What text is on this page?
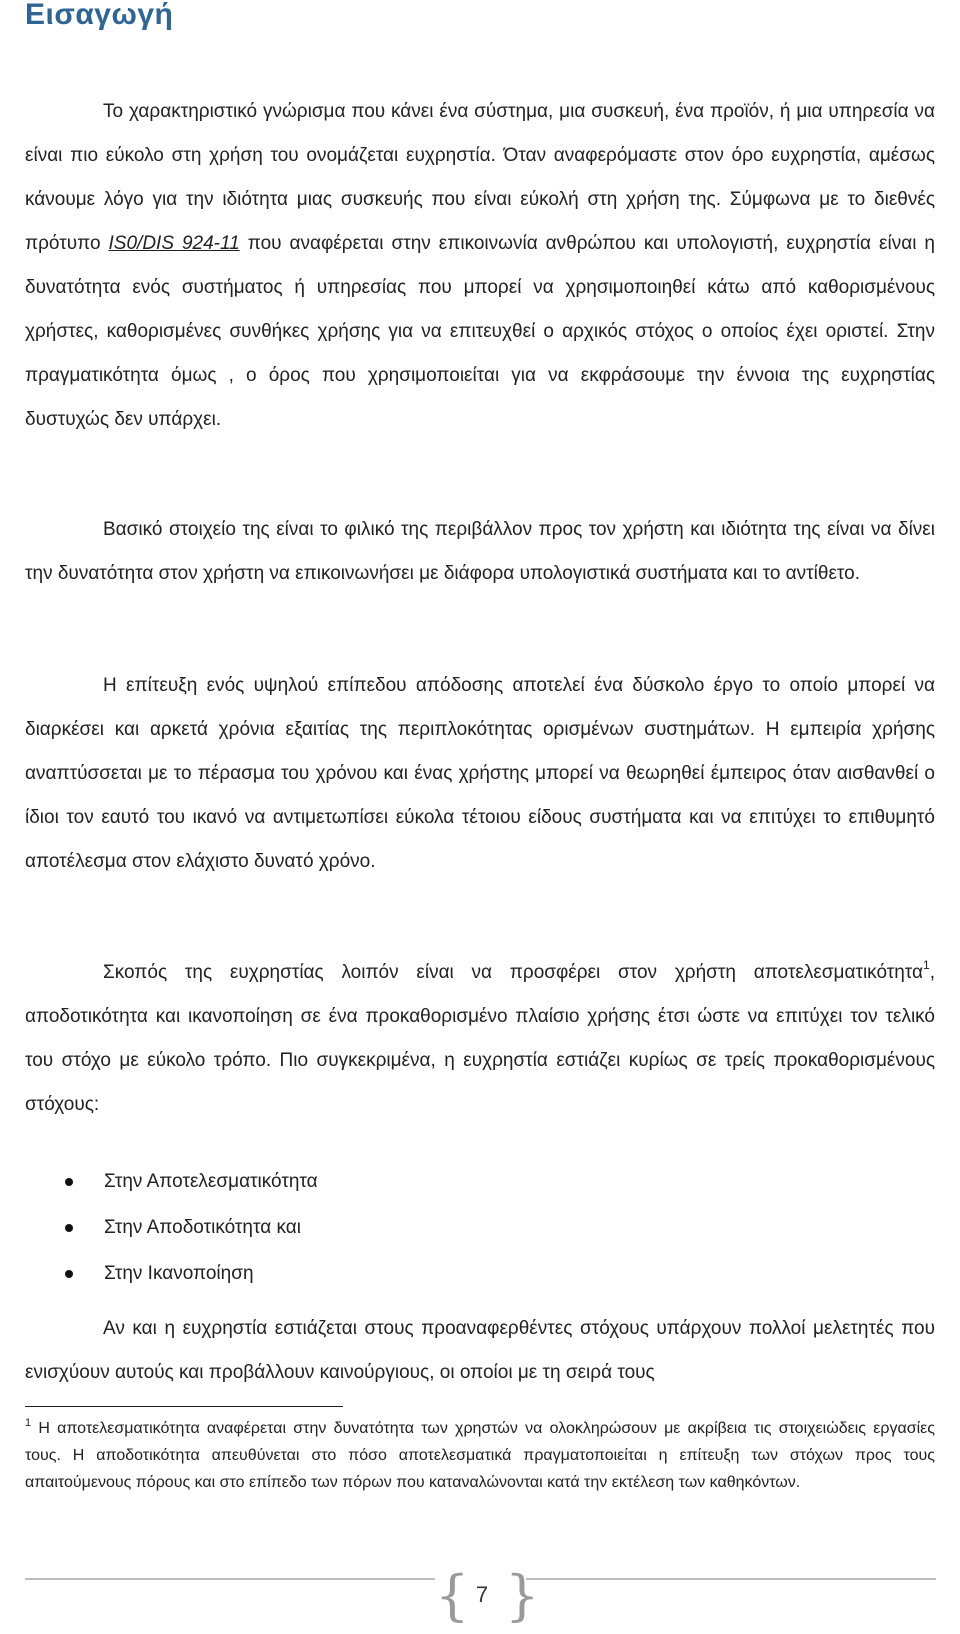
Εισαγωγή

Το χαρακτηριστικό γνώρισμα που κάνει ένα σύστημα, μια συσκευή, ένα προϊόν, ή μια υπηρεσία να είναι πιο εύκολο στη χρήση του ονομάζεται ευχρηστία. Όταν αναφερόμαστε στον όρο ευχρηστία, αμέσως κάνουμε λόγο για την ιδιότητα μιας συσκευής που είναι εύκολή στη χρήση της. Σύμφωνα με το διεθνές πρότυπο IS0/DIS 924-11 που αναφέρεται στην επικοινωνία ανθρώπου και υπολογιστή, ευχρηστία είναι η δυνατότητα ενός συστήματος ή υπηρεσίας που μπορεί να χρησιμοποιηθεί κάτω από καθορισμένους χρήστες, καθορισμένες συνθήκες χρήσης για να επιτευχθεί ο αρχικός στόχος ο οποίος έχει οριστεί. Στην πραγματικότητα όμως , ο όρος που χρησιμοποιείται για να εκφράσουμε την έννοια της ευχρηστίας δυστυχώς δεν υπάρχει.

Βασικό στοιχείο της είναι το φιλικό της περιβάλλον προς τον χρήστη και ιδιότητα της είναι να δίνει την δυνατότητα στον χρήστη να επικοινωνήσει με διάφορα υπολογιστικά συστήματα και το αντίθετο.

Η επίτευξη ενός υψηλού επίπεδου απόδοσης αποτελεί ένα δύσκολο έργο το οποίο μπορεί να διαρκέσει και αρκετά χρόνια εξαιτίας της περιπλοκότητας ορισμένων συστημάτων. Η εμπειρία χρήσης αναπτύσσεται με το πέρασμα του χρόνου και ένας χρήστης μπορεί να θεωρηθεί έμπειρος όταν αισθανθεί ο ίδιοι τον εαυτό του ικανό να αντιμετωπίσει εύκολα τέτοιου είδους συστήματα και να επιτύχει το επιθυμητό αποτέλεσμα στον ελάχιστο δυνατό χρόνο.

Σκοπός της ευχρηστίας λοιπόν είναι να προσφέρει στον χρήστη αποτελεσματικότητα$^1$, αποδοτικότητα και ικανοποίηση σε ένα προκαθορισμένο πλαίσιο χρήσης έτσι ώστε να επιτύχει τον τελικό του στόχο με εύκολο τρόπο. Πιο συγκεκριμένα, η ευχρηστία εστιάζει κυρίως σε τρείς προκαθορισμένους στόχους:

Στην Αποτελεσματικότητα
Στην Αποδοτικότητα και
Στην Ικανοποίηση

Αν και η ευχρηστία εστιάζεται στους προαναφερθέντες στόχους υπάρχουν πολλοί μελετητές που ενισχύουν αυτούς και προβάλλουν καινούργιους, οι οποίοι με τη σειρά τους

$^1$ Η αποτελεσματικότητα αναφέρεται στην δυνατότητα των χρηστών να ολοκληρώσουν με ακρίβεια τις στοιχειώδεις εργασίες τους. Η αποδοτικότητα απευθύνεται στο πόσο αποτελεσματικά πραγματοποιείται η επίτευξη των στόχων προς τους απαιτούμενους πόρους και στο επίπεδο των πόρων που καταναλώνονται κατά την εκτέλεση των καθηκόντων.
{ 7 }
